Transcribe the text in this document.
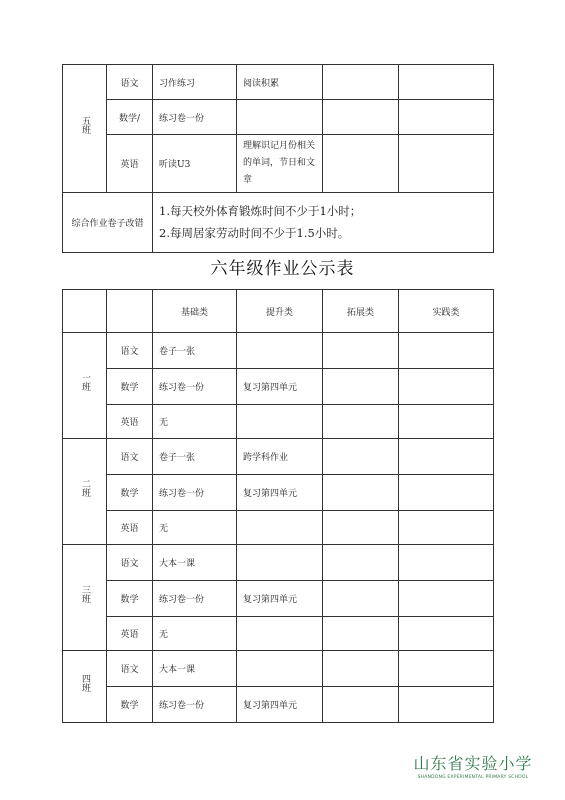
五班	语文	习作练习	阅读积累		
	数学/	练习卷一份			
	英语	听读U3	理解识记月份相关的单词，节日和文章		
综合作业卷子改错		1.每天校外体育锻炼时间不少于1小时；
2.每周居家劳动时间不少于1.5小时。			
六年级作业公示表
		基础类	提升类	拓展类	实践类
一班	语文	卷子一张			
	数学	练习卷一份	复习第四单元		
	英语	无			
二班	语文	卷子一张	跨学科作业		
	数学	练习卷一份	复习第四单元		
	英语	无			
三班	语文	大本一课			
	数学	练习卷一份	复习第四单元		
	英语	无			
四班	语文	大本一课			
	数学	练习卷一份	复习第四单元		
山东省实验小学
SHANDONG EXPERIMENTAL PRIMARY SCHOOL
